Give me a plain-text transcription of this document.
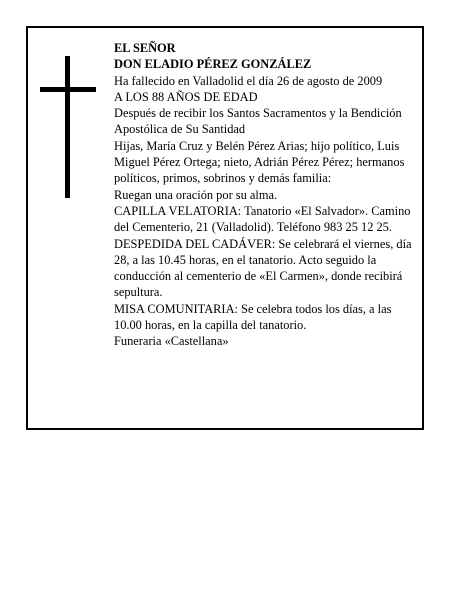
EL SEÑOR

DON ELADIO PÉREZ GONZÁLEZ

Ha fallecido en Valladolid el día 26 de agosto de 2009

A LOS 88 AÑOS DE EDAD

Después de recibir los Santos Sacramentos y la Bendición Apostólica de Su Santidad

Hijas, María Cruz y Belén Pérez Arias; hijo político, Luis Miguel Pérez Ortega; nieto, Adrián Pérez Pérez; hermanos políticos, primos, sobrinos y demás familia:

Ruegan una oración por su alma.

CAPILLA VELATORIA: Tanatorio «El Salvador». Camino del Cementerio, 21 (Valladolid). Teléfono 983 25 12 25.

DESPEDIDA DEL CADÁVER: Se celebrará el viernes, día 28, a las 10.45 horas, en el tanatorio. Acto seguido la conducción al cementerio de «El Carmen», donde recibirá sepultura.

MISA COMUNITARIA: Se celebra todos los días, a las 10.00 horas, en la capilla del tanatorio.

Funeraria «Castellana»
